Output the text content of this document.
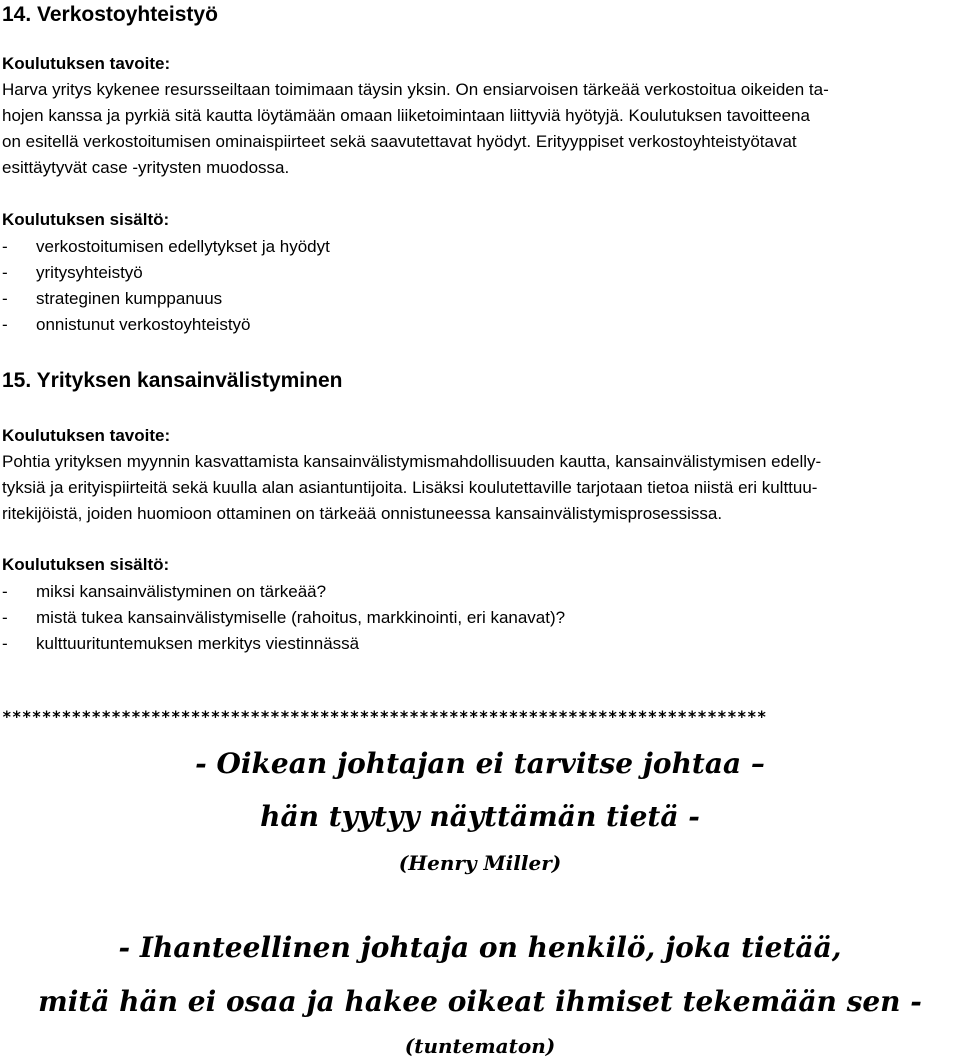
14. Verkostoyhteistyö
Koulutuksen tavoite:

Harva yritys kykenee resursseiltaan toimimaan täysin yksin. On ensiarvoisen tärkeää verkostoitua oikeiden ta-
hojen kanssa ja pyrkiä sitä kautta löytämään omaan liiketoimintaan liittyviä hyötyjä. Koulutuksen tavoitteena
on esitellä verkostoitumisen ominaispiirteet sekä saavutettavat hyödyt. Erityyppiset verkostoyhteistyötavat
esittäytyvät case -yritysten muodossa.

Koulutuksen sisältö:
- verkostoitumisen edellytykset ja hyödyt
- yritysyhteistyö
- strateginen kumppanuus
- onnistunut verkostoyhteistyö
15. Yrityksen kansainvälistyminen
Koulutuksen tavoite:

Pohtia yrityksen myynnin kasvattamista kansainvälistymismahdollisuuden kautta, kansainvälistymisen edelly-
tyksiä ja erityispiirteitä sekä kuulla alan asiantuntijoita. Lisäksi koulutettaville tarjotaan tietoa niistä eri kulttuu-
ritekijöistä, joiden huomioon ottaminen on tärkeää onnistuneessa kansainvälistymisprosessissa.

Koulutuksen sisältö:
- miksi kansainvälistyminen on tärkeää?
- mistä tukea kansainvälistymiselle (rahoitus, markkinointi, eri kanavat)?
- kulttuurituntemuksen merkitys viestinnässä
*****************************************************************************

- Oikean johtajan ei tarvitse johtaa –

hän tyytyy näyttämän tietä -

(Henry Miller)

- Ihanteellinen johtaja on henkilö, joka tietää,

mitä hän ei osaa ja hakee oikeat ihmiset tekemään sen -

(tuntematon)
